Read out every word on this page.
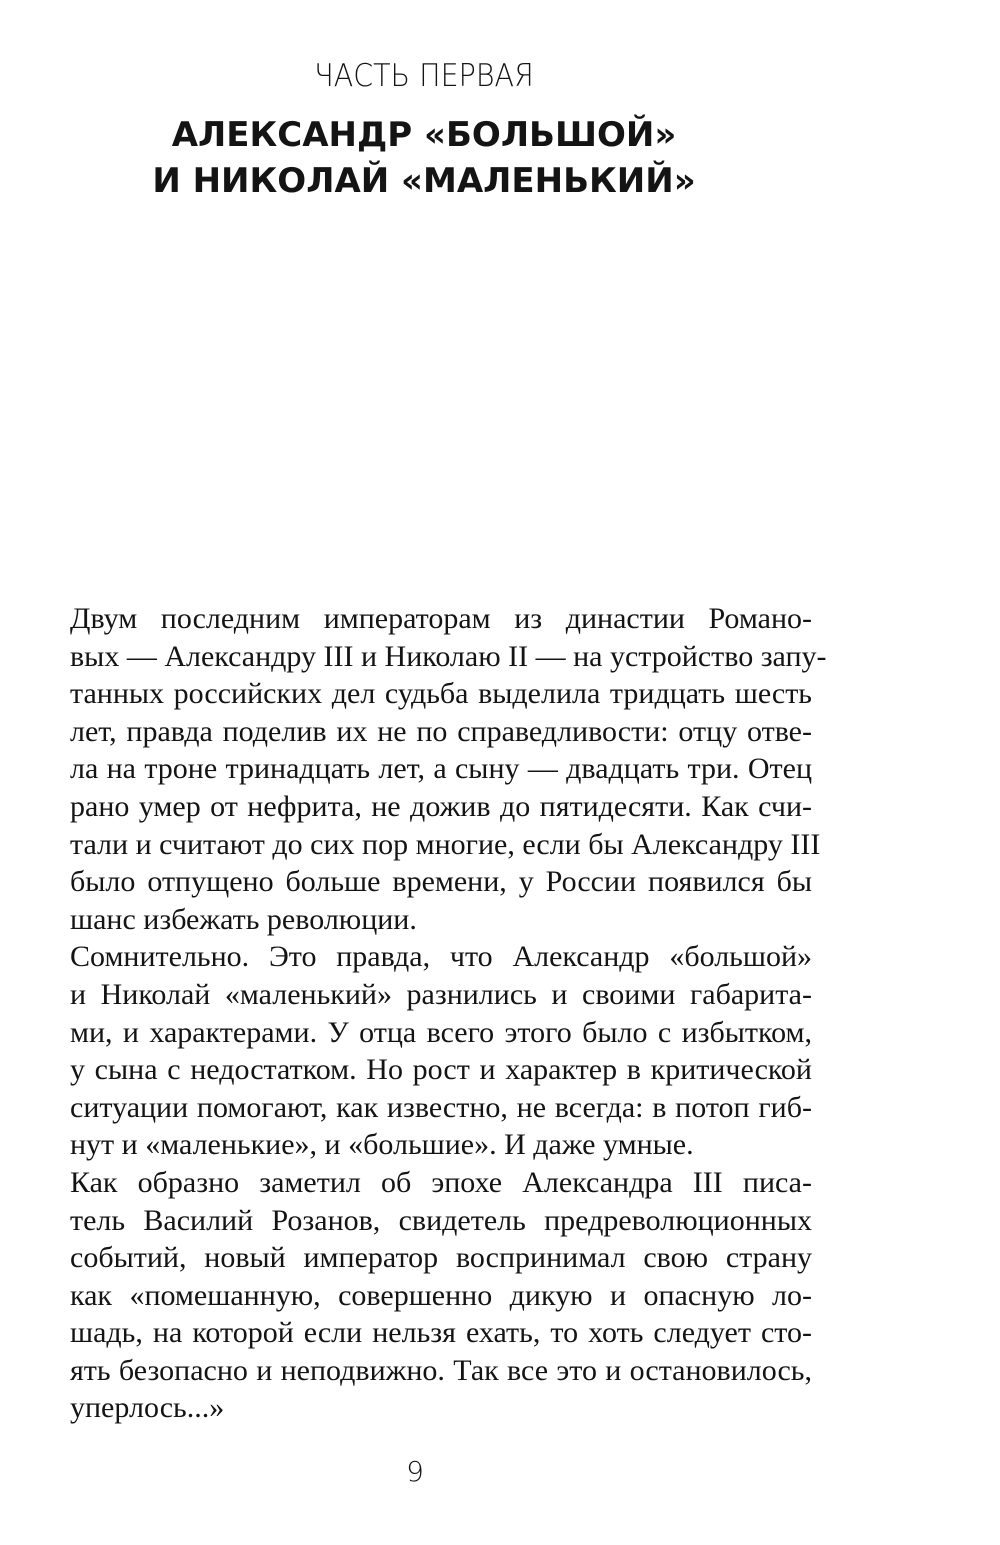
ЧАСТЬ ПЕРВАЯ
АЛЕКСАНДР «БОЛЬШОЙ»
И НИКОЛАЙ «МАЛЕНЬКИЙ»
Двум последним императорам из династии Романо-
вых — Александру III и Николаю II — на устройство запу-
танных российских дел судьба выделила тридцать шесть
лет, правда поделив их не по справедливости: отцу отве-
ла на троне тринадцать лет, а сыну — двадцать три. Отец
рано умер от нефрита, не дожив до пятидесяти. Как счи-
тали и считают до сих пор многие, если бы Александру III
было отпущено больше времени, у России появился бы
шанс избежать революции.
Сомнительно. Это правда, что Александр «большой»
и Николай «маленький» разнились и своими габарита-
ми, и характерами. У отца всего этого было с избытком,
у сына с недостатком. Но рост и характер в критической
ситуации помогают, как известно, не всегда: в потоп гиб-
нут и «маленькие», и «большие». И даже умные.
Как образно заметил об эпохе Александра III писа-
тель Василий Розанов, свидетель предреволюционных
событий, новый император воспринимал свою страну
как «помешанную, совершенно дикую и опасную ло-
шадь, на которой если нельзя ехать, то хоть следует сто-
ять безопасно и неподвижно. Так все это и остановилось,
уперлось...»
9
